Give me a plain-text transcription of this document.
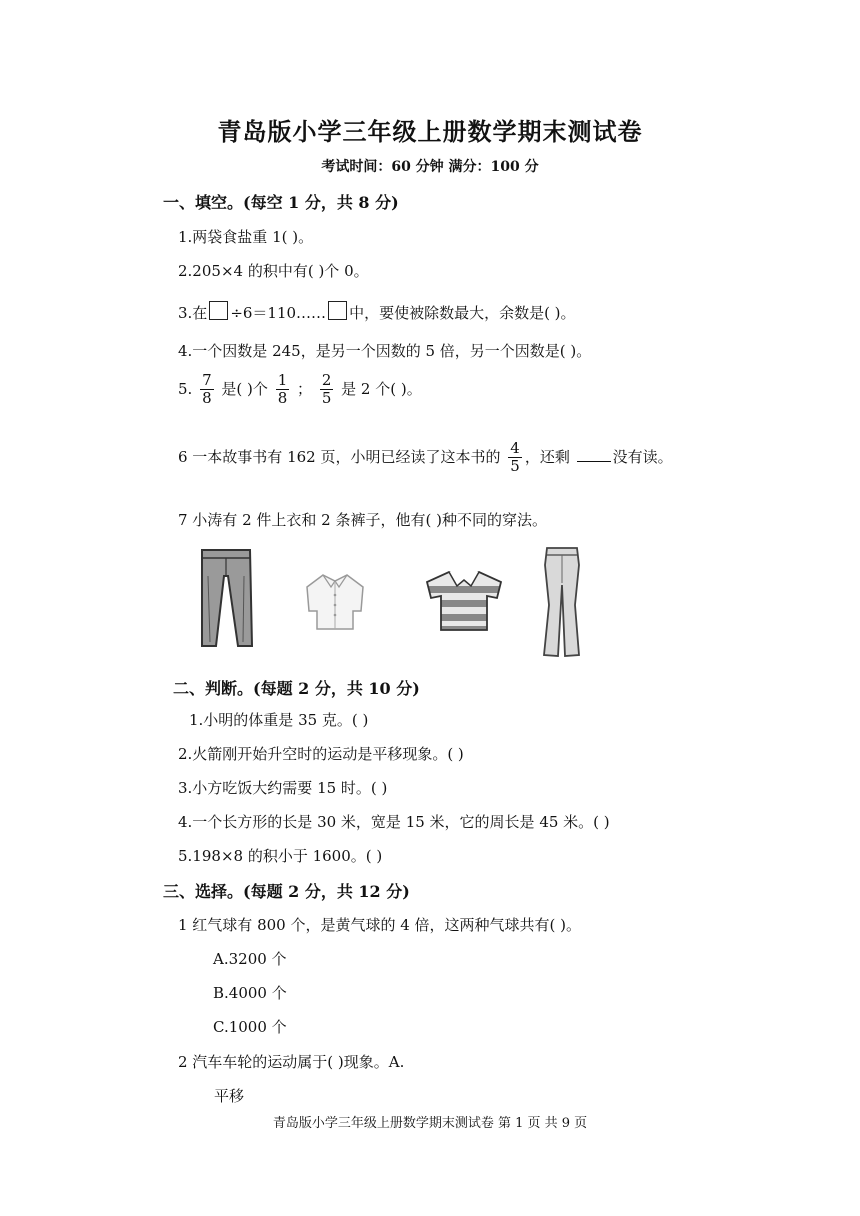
青岛版小学三年级上册数学期末测试卷
考试时间：60 分钟 满分：100 分
一、填空。(每空 1 分，共 8 分)
1.两袋食盐重 1( )。
2.205×4 的积中有( )个 0。
3.在 ÷6＝110…… 中，要使被除数最大，余数是( )。
4.一个因数是 245，是另一个因数的 5 倍，另一个因数是( )。
5. $\frac{7}{8}$ 是( )个 $\frac{1}{8}$ ； $\frac{2}{5}$ 是 2 个( )。
6 一本故事书有 162 页，小明已经读了这本书的 $\frac{4}{5}$ ，还剩	没有读。
7 小涛有 2 件上衣和 2 条裤子，他有( )种不同的穿法。
二、判断。(每题 2 分，共 10 分)
1.小明的体重是 35 克。( )
2.火箭刚开始升空时的运动是平移现象。( )
3.小方吃饭大约需要 15 时。( )
4.一个长方形的长是 30 米，宽是 15 米，它的周长是 45 米。( )
5.198×8 的积小于 1600。( )
三、选择。(每题 2 分，共 12 分)
1 红气球有 800 个，是黄气球的 4 倍，这两种气球共有( )。
A.3200 个
B.4000 个
C.1000 个
2 汽车车轮的运动属于( )现象。A.
平移
青岛版小学三年级上册数学期末测试卷 第 1 页 共 9 页
